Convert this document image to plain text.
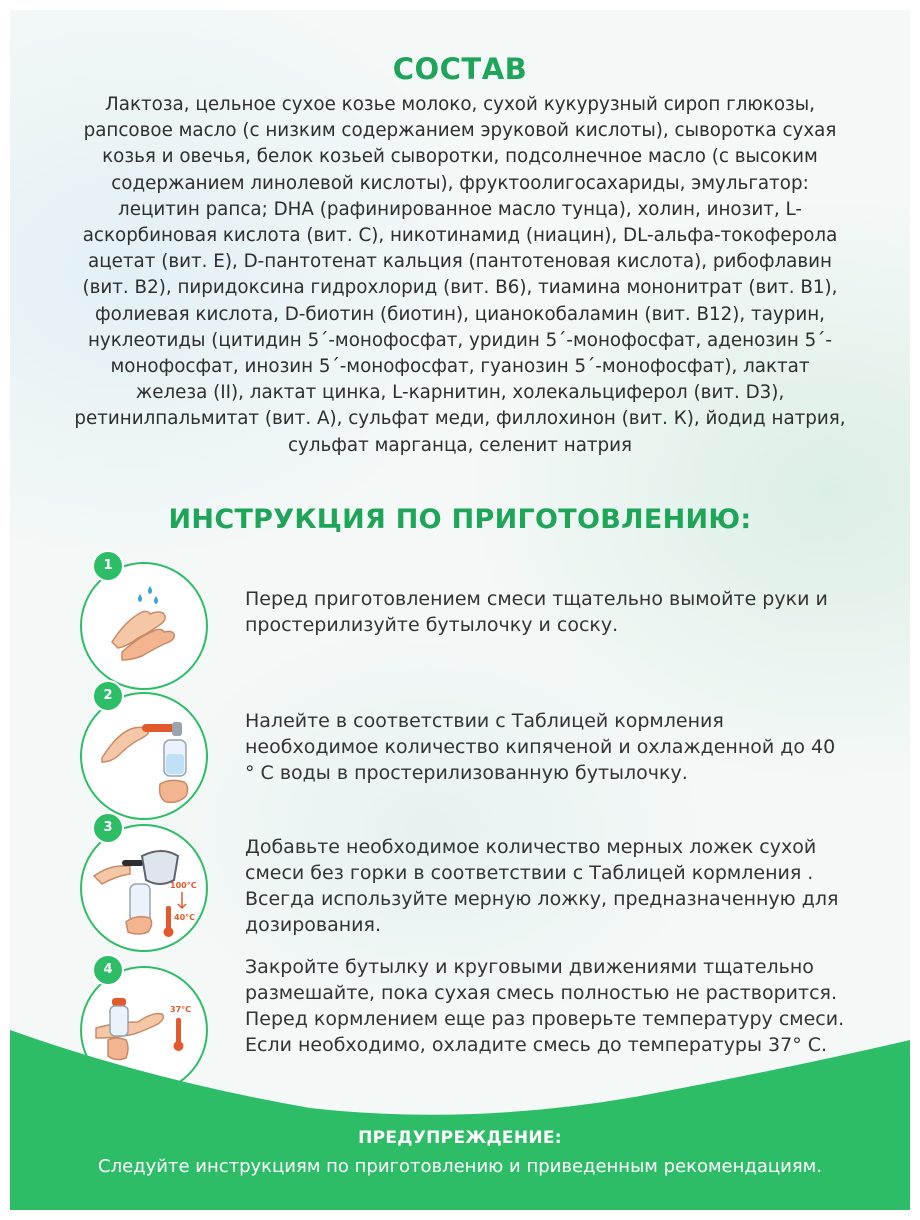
СОСТАВ

Лактоза, цельное сухое козье молоко, сухой кукурузный сироп глюкозы, рапсовое масло (с низким содержанием эруковой кислоты), сыворотка сухая козья и овечья, белок козьей сыворотки, подсолнечное масло (с высоким содержанием линолевой кислоты), фруктоолигосахариды, эмульгатор: лецитин рапса; DHA (рафинированное масло тунца), холин, инозит, L-аскорбиновая кислота (вит. С), никотинамид (ниацин), DL-альфа-токоферола ацетат (вит. Е), D-пантотенат кальция (пантотеновая кислота), рибофлавин (вит. В2), пиридоксина гидрохлорид (вит. В6), тиамина мононитрат (вит. В1), фолиевая кислота, D-биотин (биотин), цианокобаламин (вит. В12), таурин, нуклеотиды (цитидин 5´-монофосфат, уридин 5´-монофосфат, аденозин 5´-монофосфат, инозин 5´-монофосфат, гуанозин 5´-монофосфат), лактат железа (II), лактат цинка, L-карнитин, холекальциферол (вит. D3), ретинилпальмитат (вит. А), сульфат меди, филлохинон (вит. К), йодид натрия, сульфат марганца, селенит натрия

ИНСТРУКЦИЯ ПО ПРИГОТОВЛЕНИЮ:
1

Перед приготовлением смеси тщательно вымойте руки и простерилизуйте бутылочку и соску.

2

Налейте в соответствии с Таблицей кормления необходимое количество кипяченой и охлажденной до 40 ° С воды в простерилизованную бутылочку.

100°C
40°C
3

Добавьте необходимое количество мерных ложек сухой смеси без горки в соответствии с Таблицей кормления . Всегда используйте мерную ложку, предназначенную для дозирования.

37°C
4	Закройте бутылку и круговыми движениями тщательно размешайте, пока сухая смесь полностью не растворится. Перед кормлением еще раз проверьте температуру смеси. Если необходимо, охладите смесь до температуры 37° С.

ПРЕДУПРЕЖДЕНИЕ:

Следуйте инструкциям по приготовлению и приведенным рекомендациям.
